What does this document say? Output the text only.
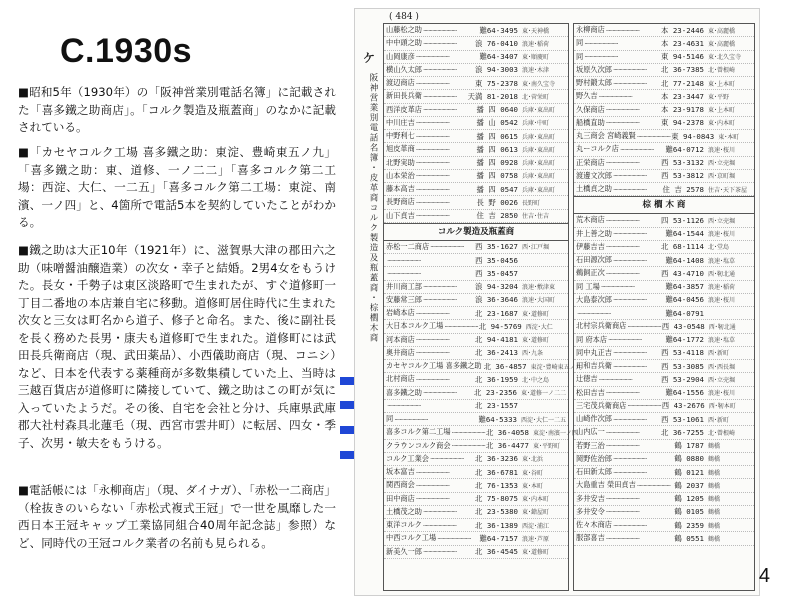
C.1930s

■昭和5年（1930年）の「阪神営業別電話名簿」に記載された「喜多鐵之助商店」。「コルク製造及瓶蓋商」のなかに記載されている。

■「カセヤコルク工場 喜多鐵之助：東淀、豊崎東五ノ九」「喜多鐵之助：東、道修、一ノ二二」「喜多コルク第二工場：西淀、大仁、一二五」「喜多コルク第二工場：東淀、南濱、一ノ四」と、4箇所で電話5本を契約していたことがわかる。

■鐵之助は大正10年（1921年）に、滋賀県大津の郡田六之助（味噌醤油醸造業）の次女・幸子と結婚。2男4女をもうけた。長女・千勢子は東区淡路町で生まれたが、すぐ道修町一丁目二番地の本店兼自宅に移動。道修町居住時代に生まれた次女と三女は町名から道子、修子と命名。また、後に副社長を長く務めた長男・康夫も道修町で生まれた。道修町には武田長兵衛商店（現、武田薬品）、小西儀助商店（現、コニシ）など、日本を代表する薬種商が多数集積していた上、当時は三越百貨店が道修町に隣接していて、鐵之助はこの町が気に入っていたようだ。その後、自宅を会社と分け、兵庫県武庫郡大社村森具北蓮毛（現、西宮市雲井町）に転居、四女・季子、次男・敏夫をもうける。

■電話帳には「永柳商店」（現、ダイナガ）、「赤松一二商店」（栓抜きのいらない「赤松式複式王冠」で一世を風靡した一西日本王冠キャップ工業協同組合40周年記念誌」参照）など、同時代の王冠コルク業者の名前も見られる。

( 484 )
ケ
阪神営業別電話名簿・皮革商コルク製造及瓶蓋商・棕櫚木商
山藤松之助 ··························	難64-3495 東･天神橋
中中頭之助 ··························	浪 76-0410 浪速･稲荷
山岡康彦 ··························	難64-3407 東･順慶町
横山久太郎 ··························	浪 94-3003 浪速･木津
渡辺商店 ··························	東 75-2378 東･南久宝寺
新田長兵衛 ··························	天満 81-2018 北･菅栄町
西洋皮革店 ··························	播 四 0640 兵庫･東出町
中川庄吉 ··························	播 山 0542 兵庫･中町
中野利七 ··························	播 四 0615 兵庫･東出町
旭皮革商 ··························	播 四 0613 兵庫･東出町
北野実助 ··························	播 四 0928 兵庫･東出町
山本栄治 ··························	播 四 0758 兵庫･東出町
藤本高吉 ··························	播 四 0547 兵庫･東出町
長野商店 ··························	長 野 0026 長野町
山下貞吉 ··························	住 吉 2850 住吉･住吉
コルク製造及瓶蓋商
赤松一二商店 ··························	西 35-1627 西･江戸堀
··························	西 35-0456
··························	西 35-0457
井川商工部 ··························	浪 94-3204 浪速･敷津東
安藤常三郎 ··························	浪 36-3646 浪速･大国町
岩崎本店 ··························	北 23-1687 東･道修町
大日本コルク工場 ·························· 北 94-5769 西淀･大仁
河本商店 ··························	北 94-4181 東･道修町
奥井商店 ··························	北 36-2413 西･九条
カセヤコルク工場 喜多鐵之助 北 36-4857 東淀･豊崎東五ノ九
北村商店 ··························	北 36-1959 北･中之島
喜多鐵之助 ··························	北 23-2356 東･道修一ノ二二
··························	北 23-1557
同 ··························	難64-5333 西淀･大仁一二五
喜多コルク第二工場 ·························· 北 36-4058 東淀･南濱一ノ四
クラウンコルク商会 ·························· 北 36-4477 東･平野町
コルク工業会 ··························	北 36-3236 東･北浜
坂本富吉 ··························	北 36-6781 東･谷町
関西商会 ··························	北 76-1353 東･本町
田中商店 ··························	北 75-8075 東･内本町
土橋茂之助 ··························	北 23-5380 東･鎗屋町
東洋コルク ··························	北 36-1389 西淀･浦江
中西コルク工場 ··························	難64-7157 浪速･芦原
新美久一郎 ··························	北 36-4545 東･道修町
永柳商店 ··························	本 23-2446 東･高麗橋
同 ··························	本 23-4631 東･高麗橋
同 ··························	東 94-5146 東･北久宝寺
坂原久次郎 ··························	北 36-7385 北･曾根崎
野村鍛太郎 ··························	北 77-2148 東･上本町
野久吉 ··························	本 23-3447 東･平野
久保商店 ··························	本 23-9178 東･上本町
船橋直助 ··························	東 94-2378 東･内本町
丸三商会 宮崎義賢 ·························· 東 94-0843 東･本町
丸ーコルク店 ··························	難64-0712 浪速･桜川
正栄商店 ··························	西 53-3132 西･立売堀
渡邊文次郎 ··························	西 53-3812 西･京町堀
土橋貞之助 ··························	住 吉 2578 住吉･天下茶屋
棕 櫚 木 商
荒木商店 ··························	四 53-1126 西･立売堀
井上善之助 ··························	難64-1544 浪速･桜川
伊藤吉吉 ··························	北 68-1114 北･堂島
石田源次郎 ··························	難64-1408 浪速･塩草
鵜飼正次 ··························	西 43-4710 西･靭北通
同 工場 ··························	難64-3857 浪速･稲荷
大島泰次郎 ··························	難64-0456 浪速･桜川
··························	難64-0791
北村宗兵衛商店 ·························· 西 43-0548 西･靭北通
同 府本店 ··························	難64-1772 浪速･塩草
同中丸正吉 ··························	西 53-4118 西･新町
田和吉兵衛 ··························	西 53-3085 西･西長堀
辻徳吉 ··························	西 53-2904 西･立売堀
松田吉吉 ··························	難64-1556 浪速･桜川
三宅茂兵衛商店 ·························· 西 43-2676 西･靭本町
山崎作次郎 ··························	西 53-1061 西･新町
山内広一 ··························	北 36-7255 北･曾根崎
若野三治 ··························	鶴 1787 鶴橋
岡野佐治郎 ··························	鶴 0880 鶴橋
石田新太郎 ··························	鶴 0121 鶴橋
大島重吉 榮田貞吉 ·························· 鶴 2037 鶴橋
多井安吉 ··························	鶴 1205 鶴橋
多井安令 ··························	鶴 0105 鶴橋
佐々木商店 ··························	鶴 2359 鶴橋
服部喜吉 ··························	鶴 0551 鶴橋
4
